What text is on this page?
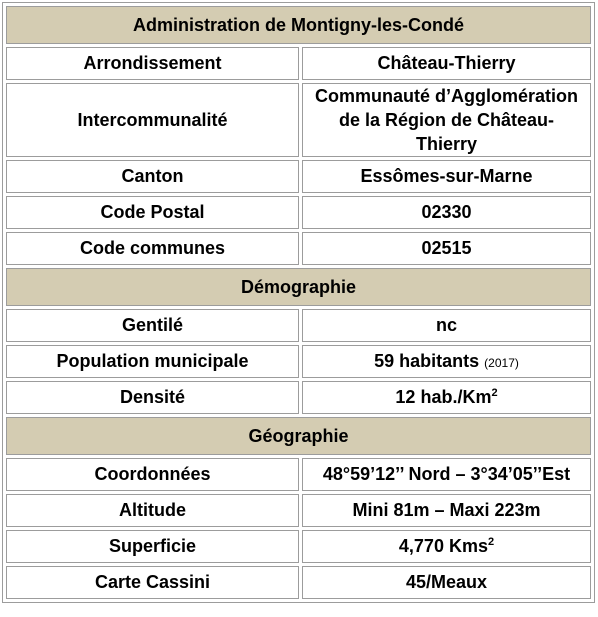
Administration de Montigny-les-Condé	
Arrondissement	Château-Thierry
Intercommunalité	Communauté d’Agglomération
de la Région de Château-Thierry
Canton	Essômes-sur-Marne
Code Postal	02330
Code communes	02515
Démographie	
Gentilé	nc
Population municipale	59 habitants (2017)
Densité	12 hab./Km$^2$
Géographie	
Coordonnées	48°59’12’’ Nord – 3°34’05’’Est
Altitude	Mini 81m – Maxi 223m
Superficie	4,770 Kms$^2$
Carte Cassini	45/Meaux
